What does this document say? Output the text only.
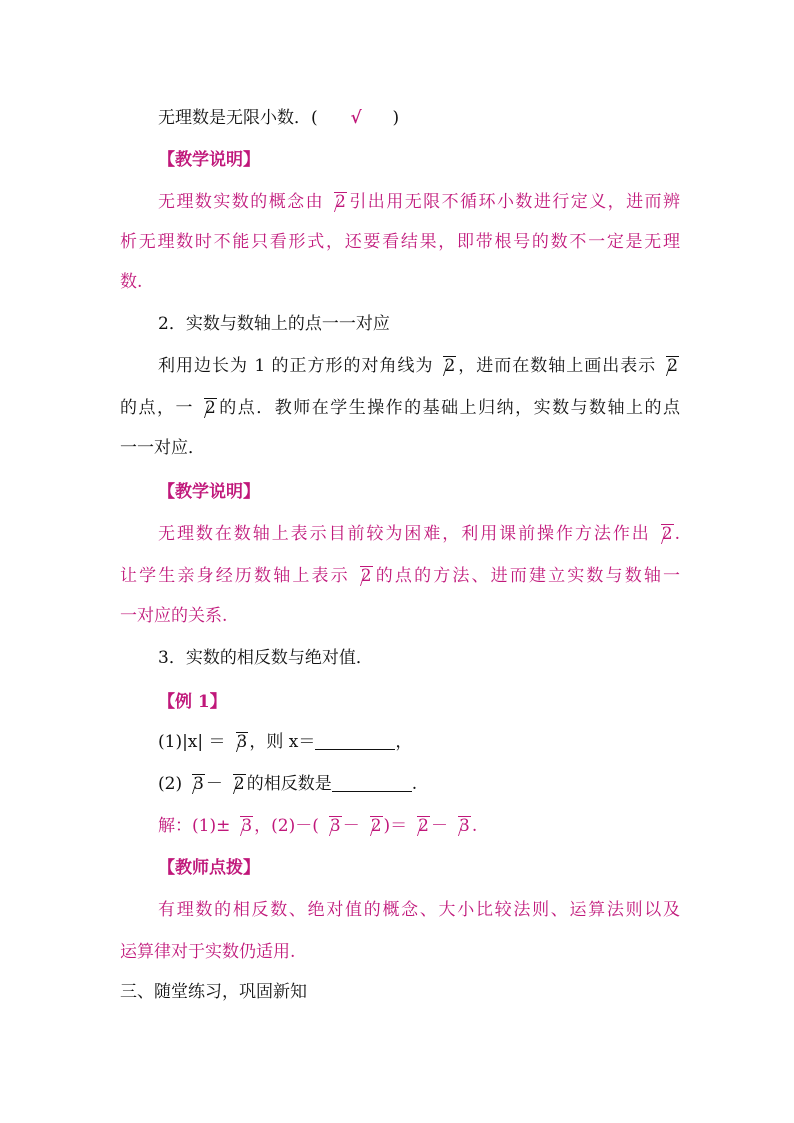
无理数是无限小数．( √ )
【教学说明】
无理数实数的概念由 2 引出用无限不循环小数进行定义，进而辨
析无理数时不能只看形式，还要看结果，即带根号的数不一定是无理
数.
2．实数与数轴上的点一一对应
利用边长为 1 的正方形的对角线为 2 ，进而在数轴上画出表示 2
的点，一 2 的点．教师在学生操作的基础上归纳，实数与数轴上的点
一一对应．
【教学说明】
无理数在数轴上表示目前较为困难，利用课前操作方法作出 2 .
让学生亲身经历数轴上表示 2 的点的方法、进而建立实数与数轴一
一对应的关系.
3．实数的相反数与绝对值．
【例 1】
(1)|x| ＝ 3 ，则 x＝	，
(2) 3 － 2 的相反数是	.
解：(1)± 3 ，(2)－( 3 － 2 )＝ 2 － 3 .
【教师点拨】
有理数的相反数、绝对值的概念、大小比较法则、运算法则以及
运算律对于实数仍适用.
三、随堂练习，巩固新知
